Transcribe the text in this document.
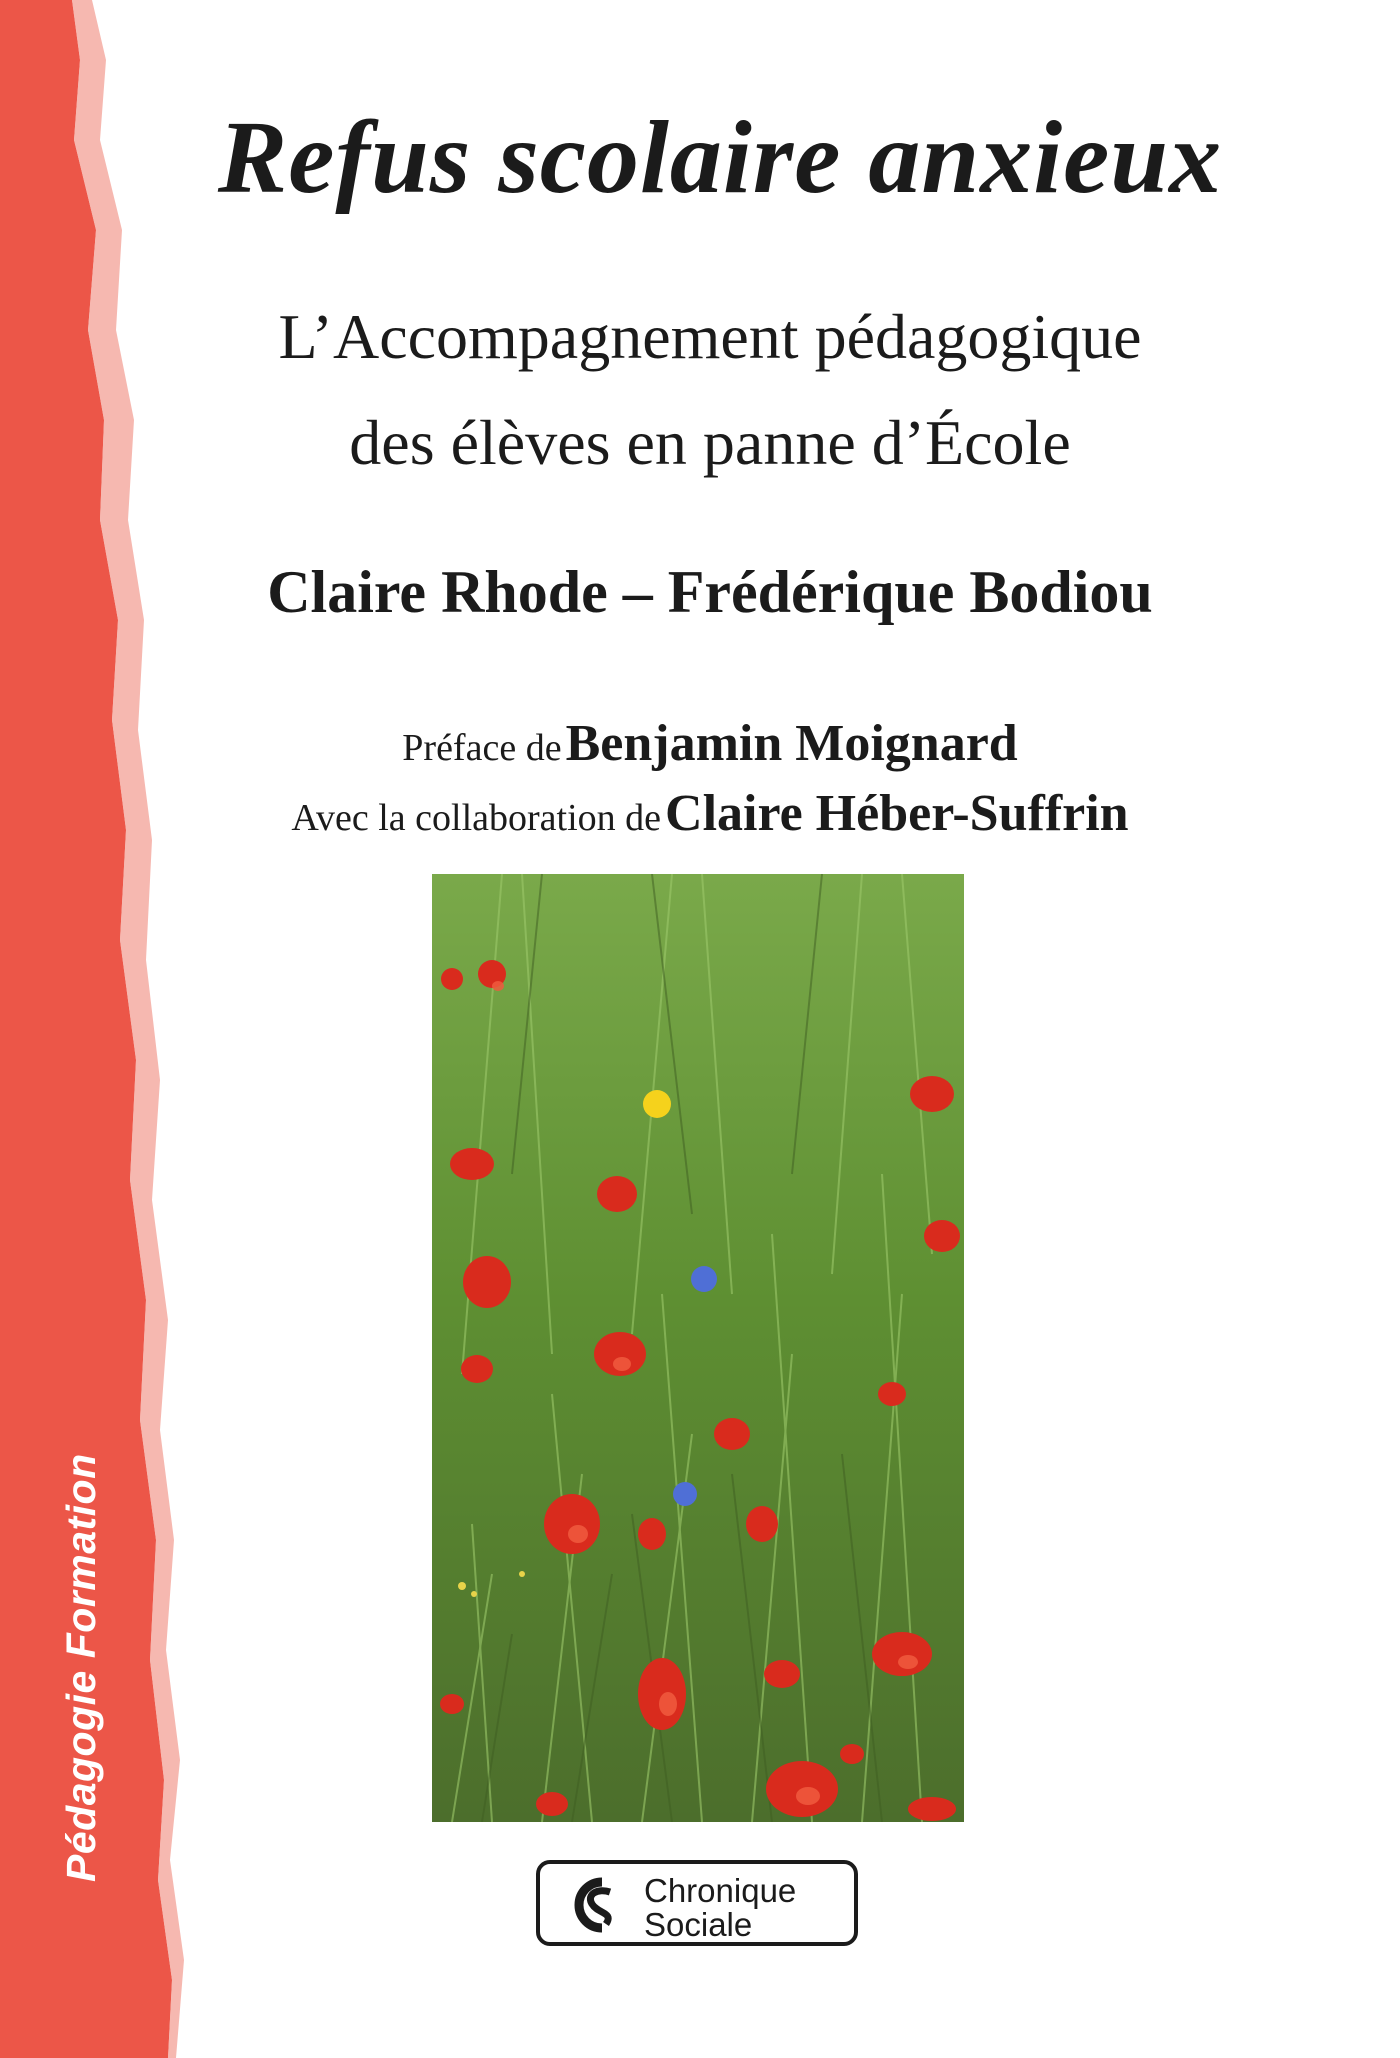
Pédagogie Formation
Refus scolaire anxieux
L’Accompagnement pédagogique
des élèves en panne d’École
Claire Rhode – Frédérique Bodiou
Préface de Benjamin Moignard
Avec la collaboration de Claire Héber-Suffrin
Chronique
Sociale
